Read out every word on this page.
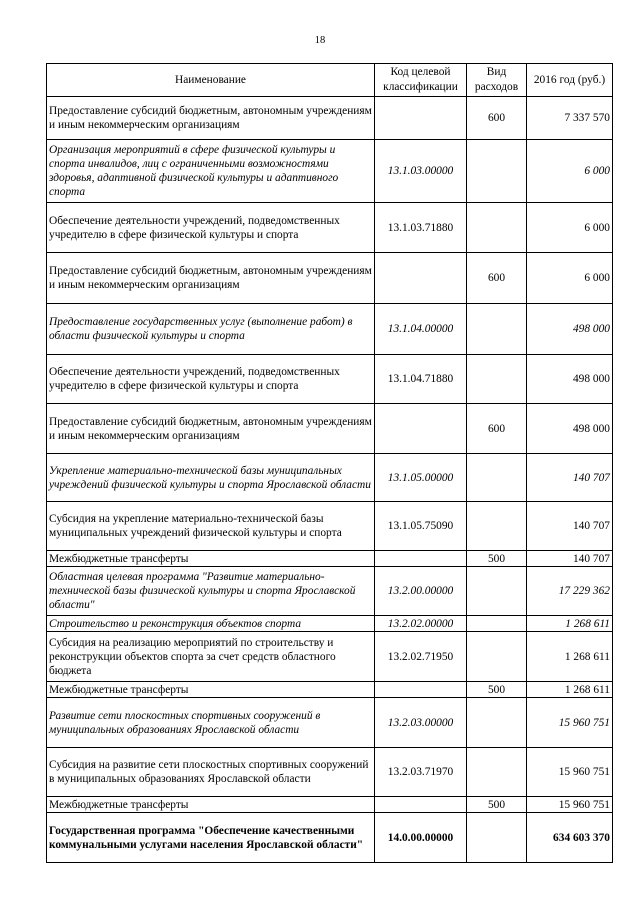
18
Наименование	Код целевой классификации	Вид расходов	2016 год (руб.)
Предоставление субсидий бюджетным, автономным учреждениям и иным некоммерческим организациям		600	7 337 570
Организация мероприятий в сфере физической культуры и спорта инвалидов, лиц с ограниченными возможностями здоровья, адаптивной физической культуры и адаптивного спорта	13.1.03.00000		6 000
Обеспечение деятельности учреждений, подведомственных учредителю в сфере физической культуры и спорта	13.1.03.71880		6 000
Предоставление субсидий бюджетным, автономным учреждениям и иным некоммерческим организациям		600	6 000
Предоставление государственных услуг (выполнение работ) в области физической культуры и спорта	13.1.04.00000		498 000
Обеспечение деятельности учреждений, подведомственных учредителю в сфере физической культуры и спорта	13.1.04.71880		498 000
Предоставление субсидий бюджетным, автономным учреждениям и иным некоммерческим организациям		600	498 000
Укрепление материально-технической базы муниципальных учреждений физической культуры и спорта Ярославской области	13.1.05.00000		140 707
Субсидия на укрепление материально-технической базы муниципальных учреждений физической культуры и спорта	13.1.05.75090		140 707
Межбюджетные трансферты		500	140 707
Областная целевая программа "Развитие материально-технической базы физической культуры и спорта Ярославской области"	13.2.00.00000		17 229 362
Строительство и реконструкция объектов спорта	13.2.02.00000		1 268 611
Субсидия на реализацию мероприятий по строительству и реконструкции объектов спорта за счет средств областного бюджета	13.2.02.71950		1 268 611
Межбюджетные трансферты		500	1 268 611
Развитие сети плоскостных спортивных сооружений в муниципальных образованиях Ярославской области	13.2.03.00000		15 960 751
Субсидия на развитие сети плоскостных спортивных сооружений в муниципальных образованиях Ярославской области	13.2.03.71970		15 960 751
Межбюджетные трансферты		500	15 960 751
Государственная программа "Обеспечение качественными коммунальными услугами населения Ярославской области"	14.0.00.00000		634 603 370
